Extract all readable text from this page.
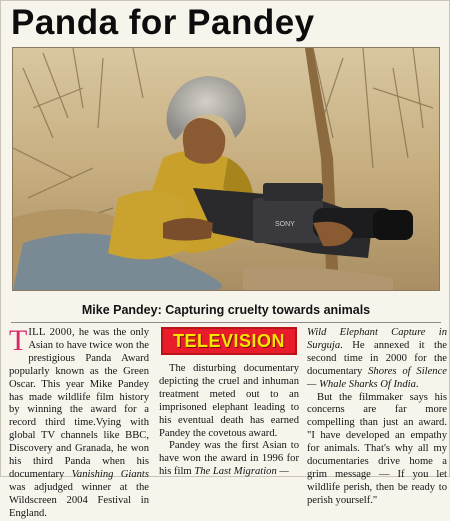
Panda for Pandey
SONY
Mike Pandey: Capturing cruelty towards animals

TILL 2000, he was the only Asian to have twice won the prestigious Panda Award popularly known as the Green Oscar. This year Mike Pandey has made wildlife film history by winning the award for a record third time.Vying with global TV channels like BBC, Discovery and Granada, he won his third Panda when his documentary Vanishing Giants was adjudged winner at the Wildscreen 2004 Festival in England.

TELEVISION

The disturbing documentary depicting the cruel and inhuman treatment meted out to an imprisoned elephant leading to his eventual death has earned Pandey the covetous award.

Pandey was the first Asian to have won the award in 1996 for his film The Last Migration —

Wild Elephant Capture in Surguja. He annexed it the second time in 2000 for the documentary Shores of Silence — Whale Sharks Of India.

But the filmmaker says his concerns are far more compelling than just an award. "I have developed an empathy for animals. That's why all my documentaries drive home a grim message — If you let wildlife perish, then be ready to perish yourself."
